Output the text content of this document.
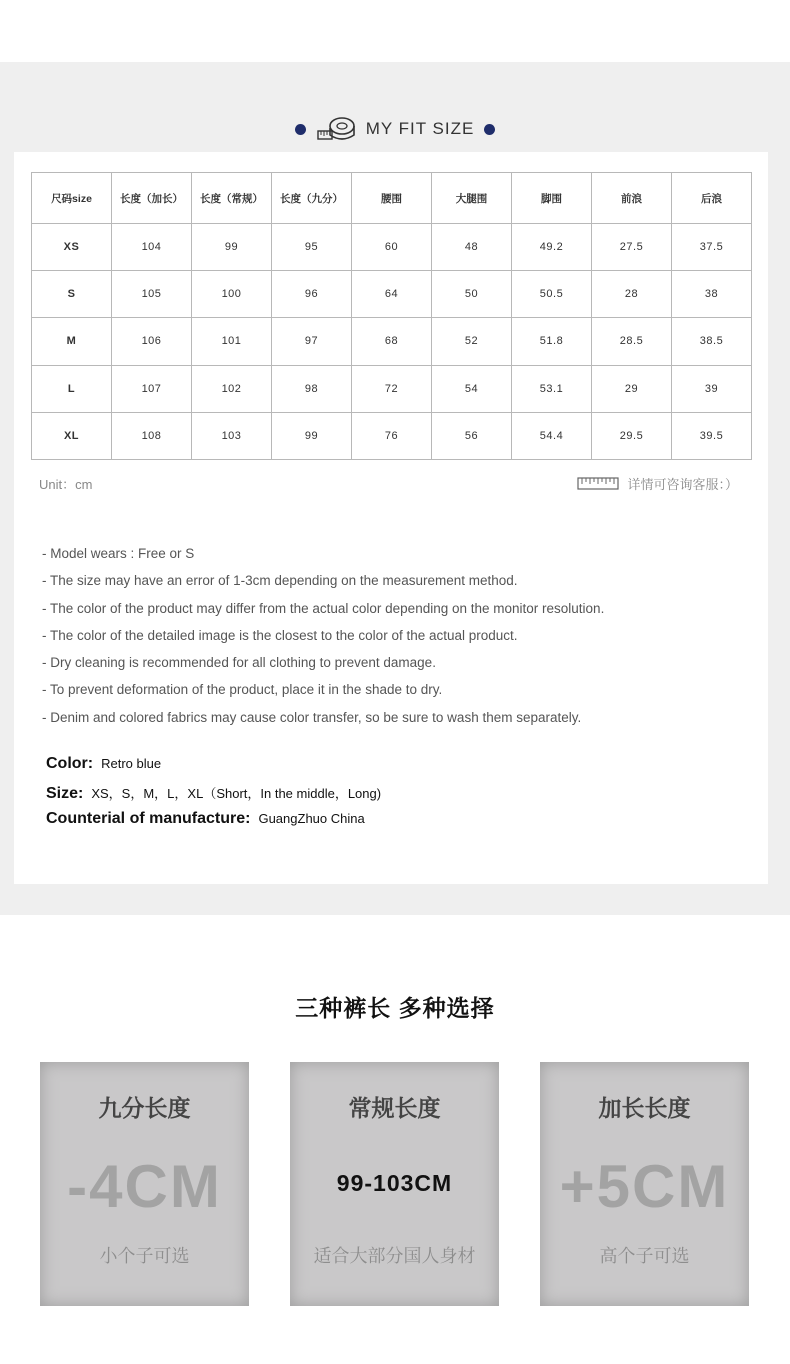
MY FIT SIZE
尺码size	长度（加长）	长度（常规）	长度（九分）	腰围	大腿围	脚围	前浪	后浪
XS	104	99	95	60	48	49.2	27.5	37.5
S	105	100	96	64	50	50.5	28	38
M	106	101	97	68	52	51.8	28.5	38.5
L	107	102	98	72	54	53.1	29	39
XL	108	103	99	76	56	54.4	29.5	39.5
Unit：cm	详情可咨询客服：）
- Model wears : Free or S
- The size may have an error of 1-3cm depending on the measurement method.
- The color of the product may differ from the actual color depending on the monitor resolution.
- The color of the detailed image is the closest to the color of the actual product.
- Dry cleaning is recommended for all clothing to prevent damage.
- To prevent deformation of the product, place it in the shade to dry.
- Denim and colored fabrics may cause color transfer, so be sure to wash them separately.
Color: Retro blue
Size: XS，S，M，L，XL（Short，In the middle，Long)
Counterial of manufacture: GuangZhuo China
三种裤长 多种选择
九分长度
-4CM
小个子可选
常规长度
99-103CM
适合大部分国人身材
加长长度
+5CM
高个子可选
